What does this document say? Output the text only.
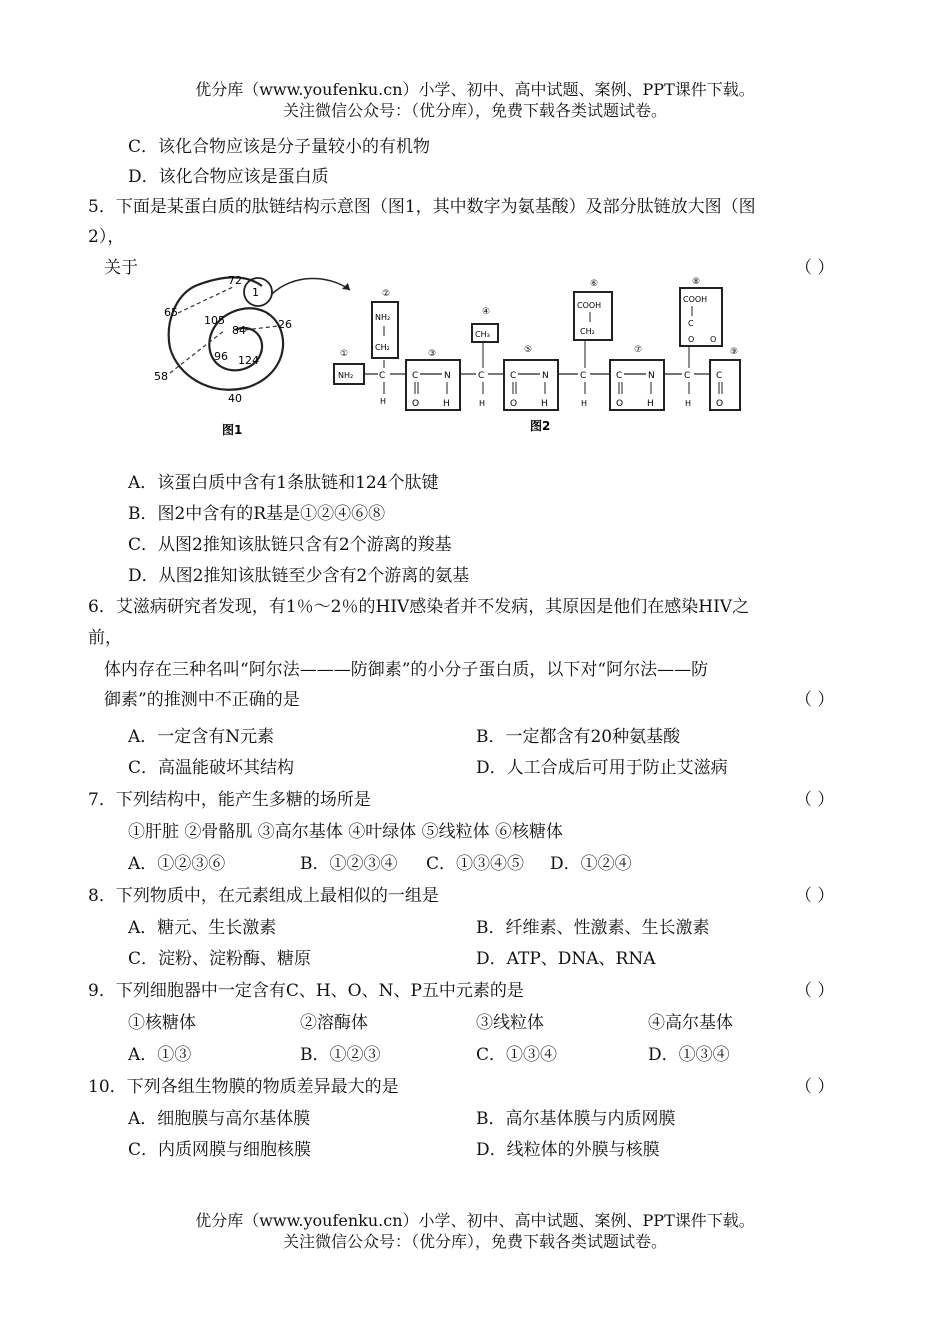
优分库（www.youfenku.cn）小学、初中、高中试题、案例、PPT课件下载。
关注微信公众号：（优分库），免费下载各类试题试卷。
C．该化合物应该是分子量较小的有机物
D．该化合物应该是蛋白质
5．下面是某蛋白质的肽链结构示意图（图1，其中数字为氨基酸）及部分肽链放大图（图
2），
关于	（ ）
72
65
1
105
84	26
96 124
58
40
图1
①
②
③
④
⑤
⑥
⑦
⑧
⑨
NH₂	C
H
NH₂
CH₂
C	N
O	H
C
CH₃
H
C	N
O	H
C
COOH
CH₂
H
C	N
O	H
C
COOH
C
O O
H
C
O
图2
A．该蛋白质中含有1条肽链和124个肽键
B．图2中含有的R基是①②④⑥⑧
C．从图2推知该肽链只含有2个游离的羧基
D．从图2推知该肽链至少含有2个游离的氨基
6．艾滋病研究者发现，有1％～2％的HIV感染者并不发病，其原因是他们在感染HIV之
前，
体内存在三种名叫“阿尔法———防御素”的小分子蛋白质，以下对“阿尔法——防
御素”的推测中不正确的是	（ ）
A．一定含有N元素	B．一定都含有20种氨基酸
C．高温能破坏其结构	D．人工合成后可用于防止艾滋病
7．下列结构中，能产生多糖的场所是	（ ）
①肝脏 ②骨骼肌 ③高尔基体 ④叶绿体 ⑤线粒体 ⑥核糖体
A．①②③⑥	B．①②③④ C．①③④⑤ D．①②④
8．下列物质中，在元素组成上最相似的一组是	（ ）
A．糖元、生长激素	B．纤维素、性激素、生长激素
C．淀粉、淀粉酶、糖原	D．ATP、DNA、RNA
9．下列细胞器中一定含有C、H、O、N、P五中元素的是	（ ）
①核糖体	②溶酶体	③线粒体	④高尔基体
A．①③	B．①②③	C．①③④	D．①③④
10．下列各组生物膜的物质差异最大的是	（ ）
A．细胞膜与高尔基体膜	B．高尔基体膜与内质网膜
C．内质网膜与细胞核膜	D．线粒体的外膜与核膜
优分库（www.youfenku.cn）小学、初中、高中试题、案例、PPT课件下载。
关注微信公众号：（优分库），免费下载各类试题试卷。
